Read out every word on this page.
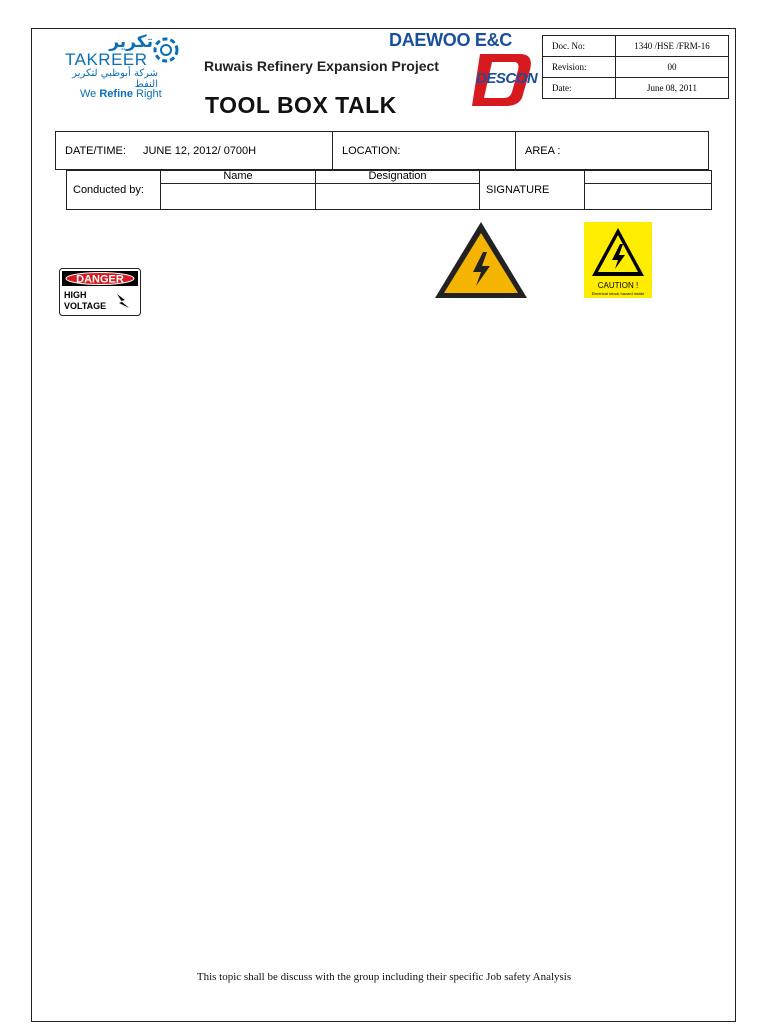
تكرير
TAKREER
شركة أبوظبي لتكرير النفط
We Refine Right
Ruwais Refinery Expansion Project
TOOL BOX TALK
DAEWOO E&C
DESCON
Doc. No:	1340 /HSE /FRM-16
Revision:	00
Date:	June 08, 2011
DATE/TIME: JUNE 12, 2012/ 0700H	LOCATION:	AREA :
Conducted by:	Name	Designation	SIGNATURE	

DANGER
HIGH
VOLTAGE
CAUTION !
Electrical shock hazard inside
This topic shall be discuss with the group including their specific Job safety Analysis
